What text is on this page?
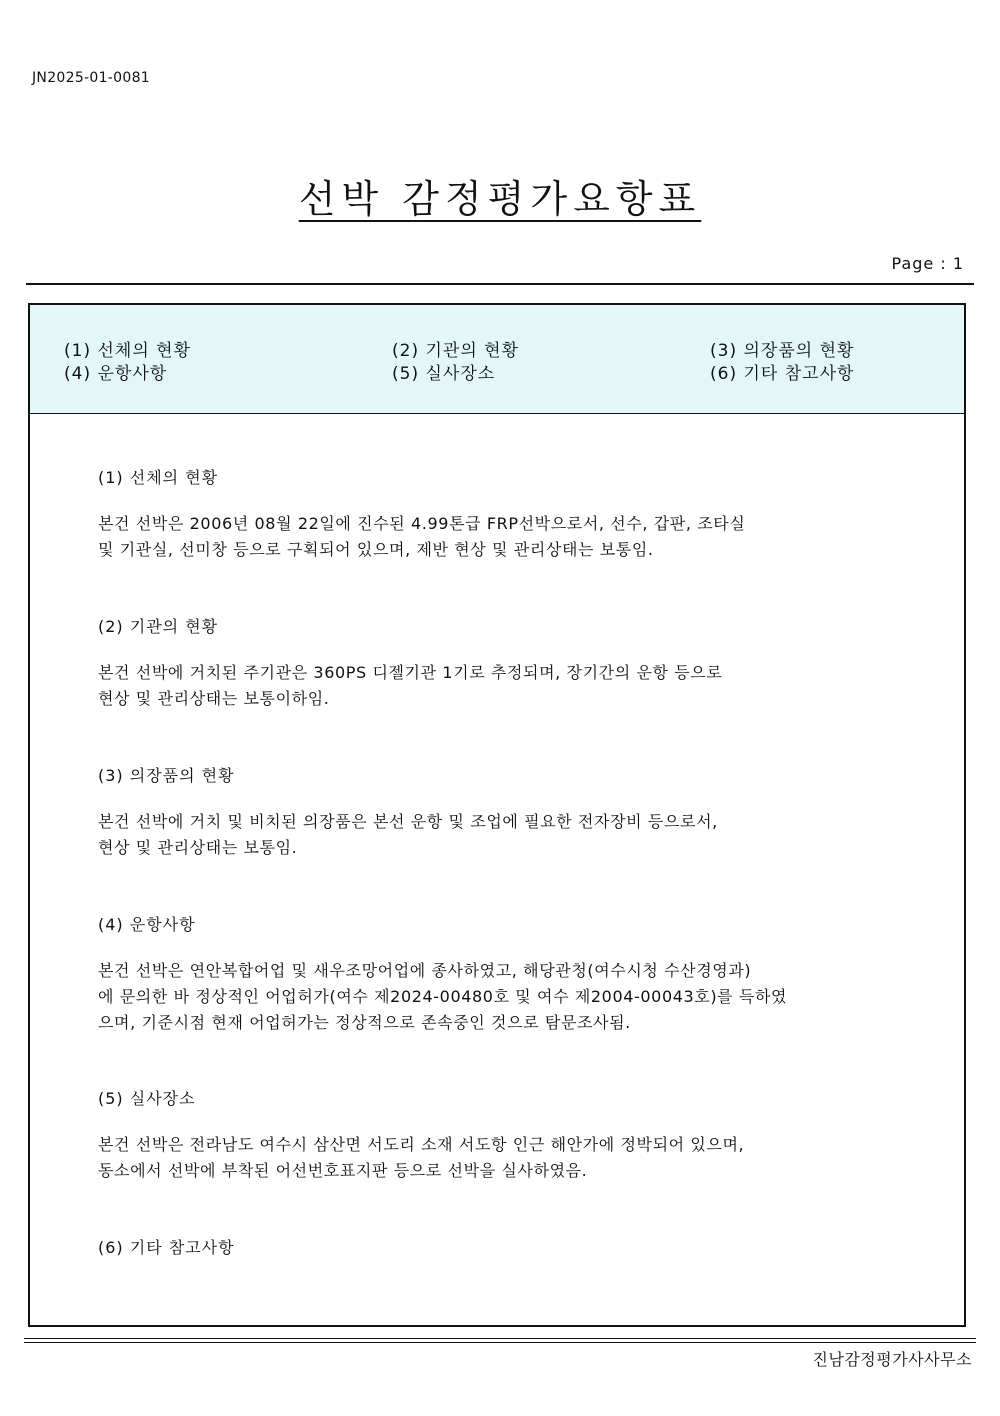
JN2025-01-0081
선박 감정평가요항표
Page : 1
(1) 선체의 현황	(2) 기관의 현황	(3) 의장품의 현황
(4) 운항사항	(5) 실사장소	(6) 기타 참고사항
(1) 선체의 현황
본건 선박은 2006년 08월 22일에 진수된 4.99톤급 FRP선박으로서, 선수, 갑판, 조타실
및 기관실, 선미창 등으로 구획되어 있으며, 제반 현상 및 관리상태는 보통임.
(2) 기관의 현황
본건 선박에 거치된 주기관은 360PS 디젤기관 1기로 추정되며, 장기간의 운항 등으로
현상 및 관리상태는 보통이하임.
(3) 의장품의 현황
본건 선박에 거치 및 비치된 의장품은 본선 운항 및 조업에 필요한 전자장비 등으로서,
현상 및 관리상태는 보통임.
(4) 운항사항
본건 선박은 연안복합어업 및 새우조망어업에 종사하였고, 해당관청(여수시청 수산경영과)
에 문의한 바 정상적인 어업허가(여수 제2024-00480호 및 여수 제2004-00043호)를 득하였
으며, 기준시점 현재 어업허가는 정상적으로 존속중인 것으로 탐문조사됨.
(5) 실사장소
본건 선박은 전라남도 여수시 삼산면 서도리 소재 서도항 인근 해안가에 정박되어 있으며,
동소에서 선박에 부착된 어선번호표지판 등으로 선박을 실사하였음.
(6) 기타 참고사항
진남감정평가사사무소
